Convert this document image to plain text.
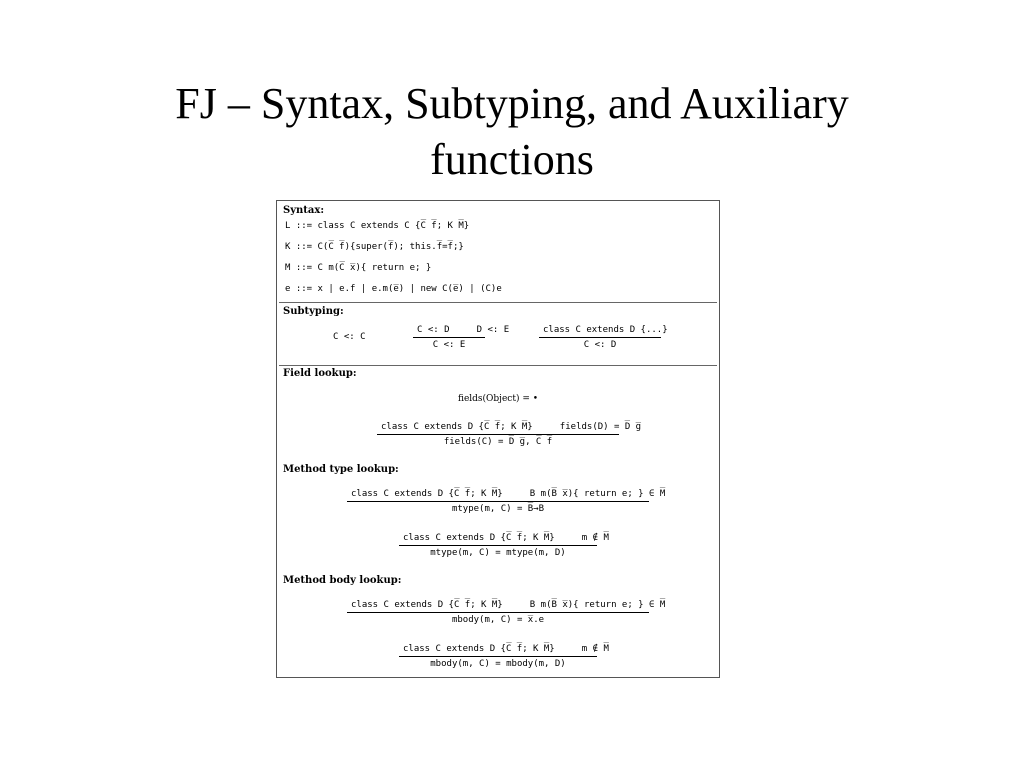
FJ – Syntax, Subtyping, and Auxiliary
functions
Syntax:
L ::= class C extends C {C̅ f̅; K M̅}
K ::= C(C̅ f̅){super(f̅); this.f̅=f̅;}
M ::= C m(C̅ x̅){ return e; }
e ::= x | e.f | e.m(e̅) | new C(e̅) | (C)e
Subtyping:
C <: C
C <: D     D <: E
C <: E
class C extends D {...}
C <: D
Field lookup:
fields(Object) = •
class C extends D {C̅ f̅; K M̅}     fields(D) = D̅ g̅
fields(C) = D̅ g̅, C̅ f̅
Method type lookup:
class C extends D {C̅ f̅; K M̅}     B m(B̅ x̅){ return e; } ∈ M̅
mtype(m, C) = B̅→B
class C extends D {C̅ f̅; K M̅}     m ∉ M̅
mtype(m, C) = mtype(m, D)
Method body lookup:
class C extends D {C̅ f̅; K M̅}     B m(B̅ x̅){ return e; } ∈ M̅
mbody(m, C) = x̅.e
class C extends D {C̅ f̅; K M̅}     m ∉ M̅
mbody(m, C) = mbody(m, D)
